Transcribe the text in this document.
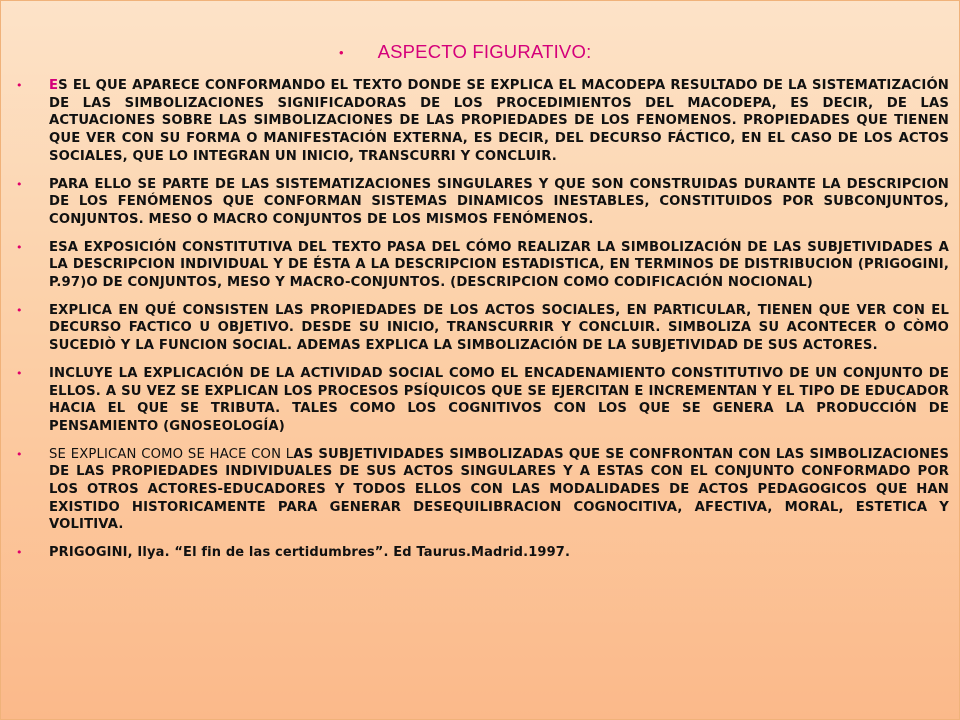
• ASPECTO FIGURATIVO:
•	ES EL QUE APARECE CONFORMANDO EL TEXTO DONDE SE EXPLICA EL MACODEPA RESULTADO DE LA SISTEMATIZACIÓN DE LAS SIMBOLIZACIONES SIGNIFICADORAS DE LOS PROCEDIMIENTOS DEL MACODEPA, ES DECIR, DE LAS ACTUACIONES SOBRE LAS SIMBOLIZACIONES DE LAS PROPIEDADES DE LOS FENOMENOS. PROPIEDADES QUE TIENEN QUE VER CON SU FORMA O MANIFESTACIÓN EXTERNA, ES DECIR, DEL DECURSO FÁCTICO, EN EL CASO DE LOS ACTOS SOCIALES, QUE LO INTEGRAN UN INICIO, TRANSCURRI Y CONCLUIR.
•	PARA ELLO SE PARTE DE LAS SISTEMATIZACIONES SINGULARES Y QUE SON CONSTRUIDAS DURANTE LA DESCRIPCION DE LOS FENÓMENOS QUE CONFORMAN SISTEMAS DINAMICOS INESTABLES, CONSTITUIDOS POR SUBCONJUNTOS, CONJUNTOS. MESO O MACRO CONJUNTOS DE LOS MISMOS FENÓMENOS.
•	ESA EXPOSICIÓN CONSTITUTIVA DEL TEXTO PASA DEL CÓMO REALIZAR LA SIMBOLIZACIÓN DE LAS SUBJETIVIDADES A LA DESCRIPCION INDIVIDUAL Y DE ÉSTA A LA DESCRIPCION ESTADISTICA, EN TERMINOS DE DISTRIBUCION (PRIGOGINI, P.97)O DE CONJUNTOS, MESO Y MACRO-CONJUNTOS. (DESCRIPCION COMO CODIFICACIÓN NOCIONAL)
•	EXPLICA EN QUÉ CONSISTEN LAS PROPIEDADES DE LOS ACTOS SOCIALES, EN PARTICULAR, TIENEN QUE VER CON EL DECURSO FACTICO U OBJETIVO. DESDE SU INICIO, TRANSCURRIR Y CONCLUIR. SIMBOLIZA SU ACONTECER O CÒMO SUCEDIÒ Y LA FUNCION SOCIAL. ADEMAS EXPLICA LA SIMBOLIZACIÓN DE LA SUBJETIVIDAD DE SUS ACTORES.
•	INCLUYE LA EXPLICACIÓN DE LA ACTIVIDAD SOCIAL COMO EL ENCADENAMIENTO CONSTITUTIVO DE UN CONJUNTO DE ELLOS. A SU VEZ SE EXPLICAN LOS PROCESOS PSÍQUICOS QUE SE EJERCITAN E INCREMENTAN Y EL TIPO DE EDUCADOR HACIA EL QUE SE TRIBUTA. TALES COMO LOS COGNITIVOS CON LOS QUE SE GENERA LA PRODUCCIÓN DE PENSAMIENTO (GNOSEOLOGÍA)
•	SE EXPLICAN COMO SE HACE CON LAS SUBJETIVIDADES SIMBOLIZADAS QUE SE CONFRONTAN CON LAS SIMBOLIZACIONES DE LAS PROPIEDADES INDIVIDUALES DE SUS ACTOS SINGULARES Y A ESTAS CON EL CONJUNTO CONFORMADO POR LOS OTROS ACTORES-EDUCADORES Y TODOS ELLOS CON LAS MODALIDADES DE ACTOS PEDAGOGICOS QUE HAN EXISTIDO HISTORICAMENTE PARA GENERAR DESEQUILIBRACION COGNOCITIVA, AFECTIVA, MORAL, ESTETICA Y VOLITIVA.
•	PRIGOGINI, Ilya. “El fin de las certidumbres”. Ed Taurus.Madrid.1997.
